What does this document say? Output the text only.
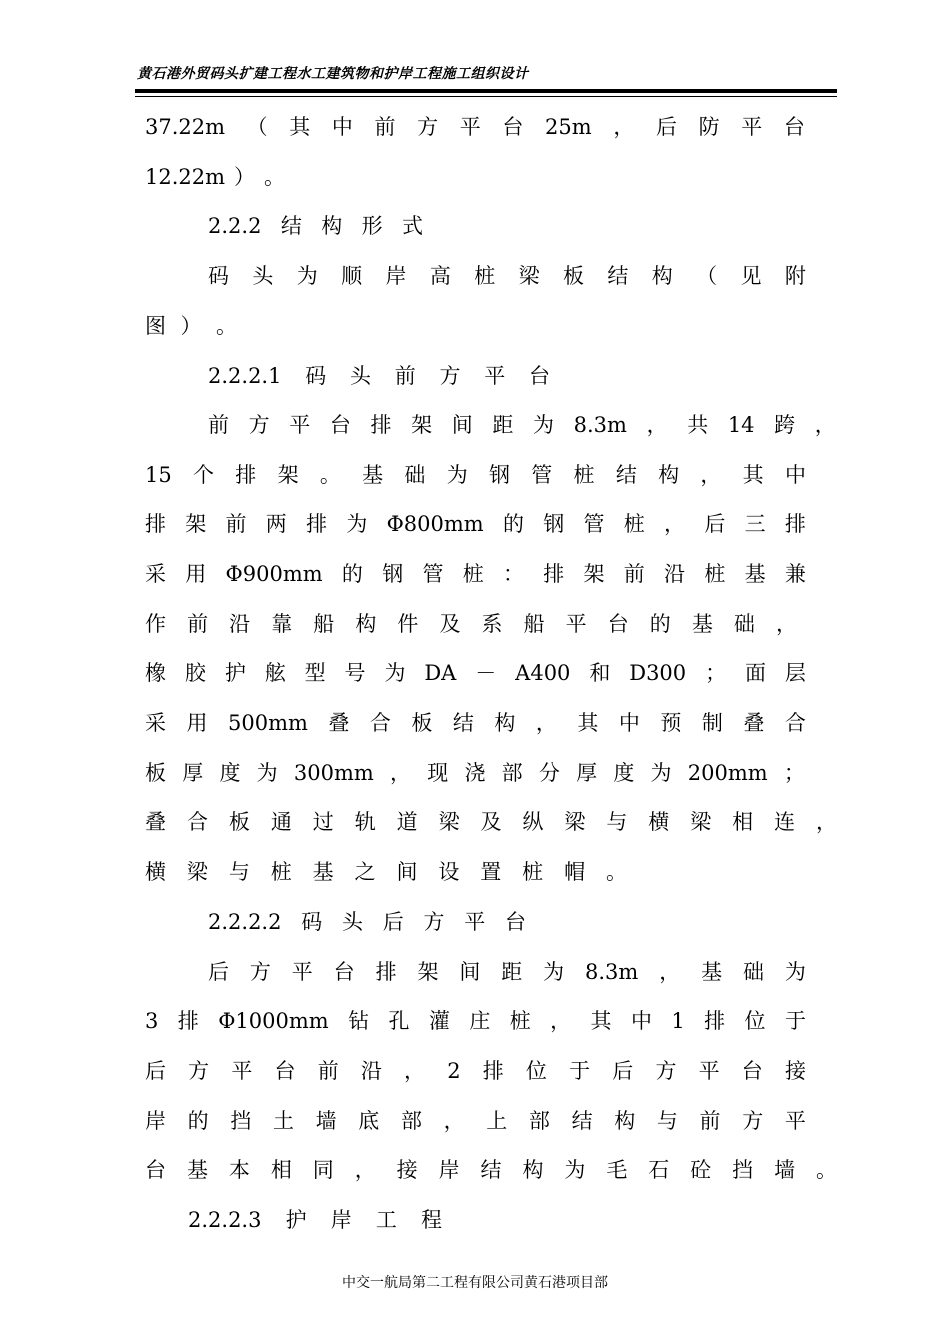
黄石港外贸码头扩建工程水工建筑物和护岸工程施工组织设计
37.22m （ 其 中 前 方 平 台 25m ， 后 防 平 台
12.22m ） 。
2.2.2 结 构 形 式
码 头 为 顺 岸 高 桩 梁 板 结 构 （ 见 附
图 ） 。
2.2.2.1 码 头 前 方 平 台
前 方 平 台 排 架 间 距 为 8.3m ， 共 14 跨 ，
15 个 排 架 。 基 础 为 钢 管 桩 结 构 ， 其 中
排 架 前 两 排 为 Φ800mm 的 钢 管 桩 ， 后 三 排
采 用 Φ900mm 的 钢 管 桩 ： 排 架 前 沿 桩 基 兼
作 前 沿 靠 船 构 件 及 系 船 平 台 的 基 础 ，
橡 胶 护 舷 型 号 为 DA － A400 和 D300 ； 面 层
采 用 500mm 叠 合 板 结 构 ， 其 中 预 制 叠 合
板 厚 度 为 300mm ， 现 浇 部 分 厚 度 为 200mm ；
叠 合 板 通 过 轨 道 梁 及 纵 梁 与 横 梁 相 连 ，
横 梁 与 桩 基 之 间 设 置 桩 帽 。
2.2.2.2 码 头 后 方 平 台
后 方 平 台 排 架 间 距 为 8.3m ， 基 础 为
3 排 Φ1000mm 钻 孔 灌 庄 桩 ， 其 中 1 排 位 于
后 方 平 台 前 沿 ， 2 排 位 于 后 方 平 台 接
岸 的 挡 土 墙 底 部 ， 上 部 结 构 与 前 方 平
台 基 本 相 同 ， 接 岸 结 构 为 毛 石 砼 挡 墙 。
2.2.2.3 护 岸 工 程
中交一航局第二工程有限公司黄石港项目部
